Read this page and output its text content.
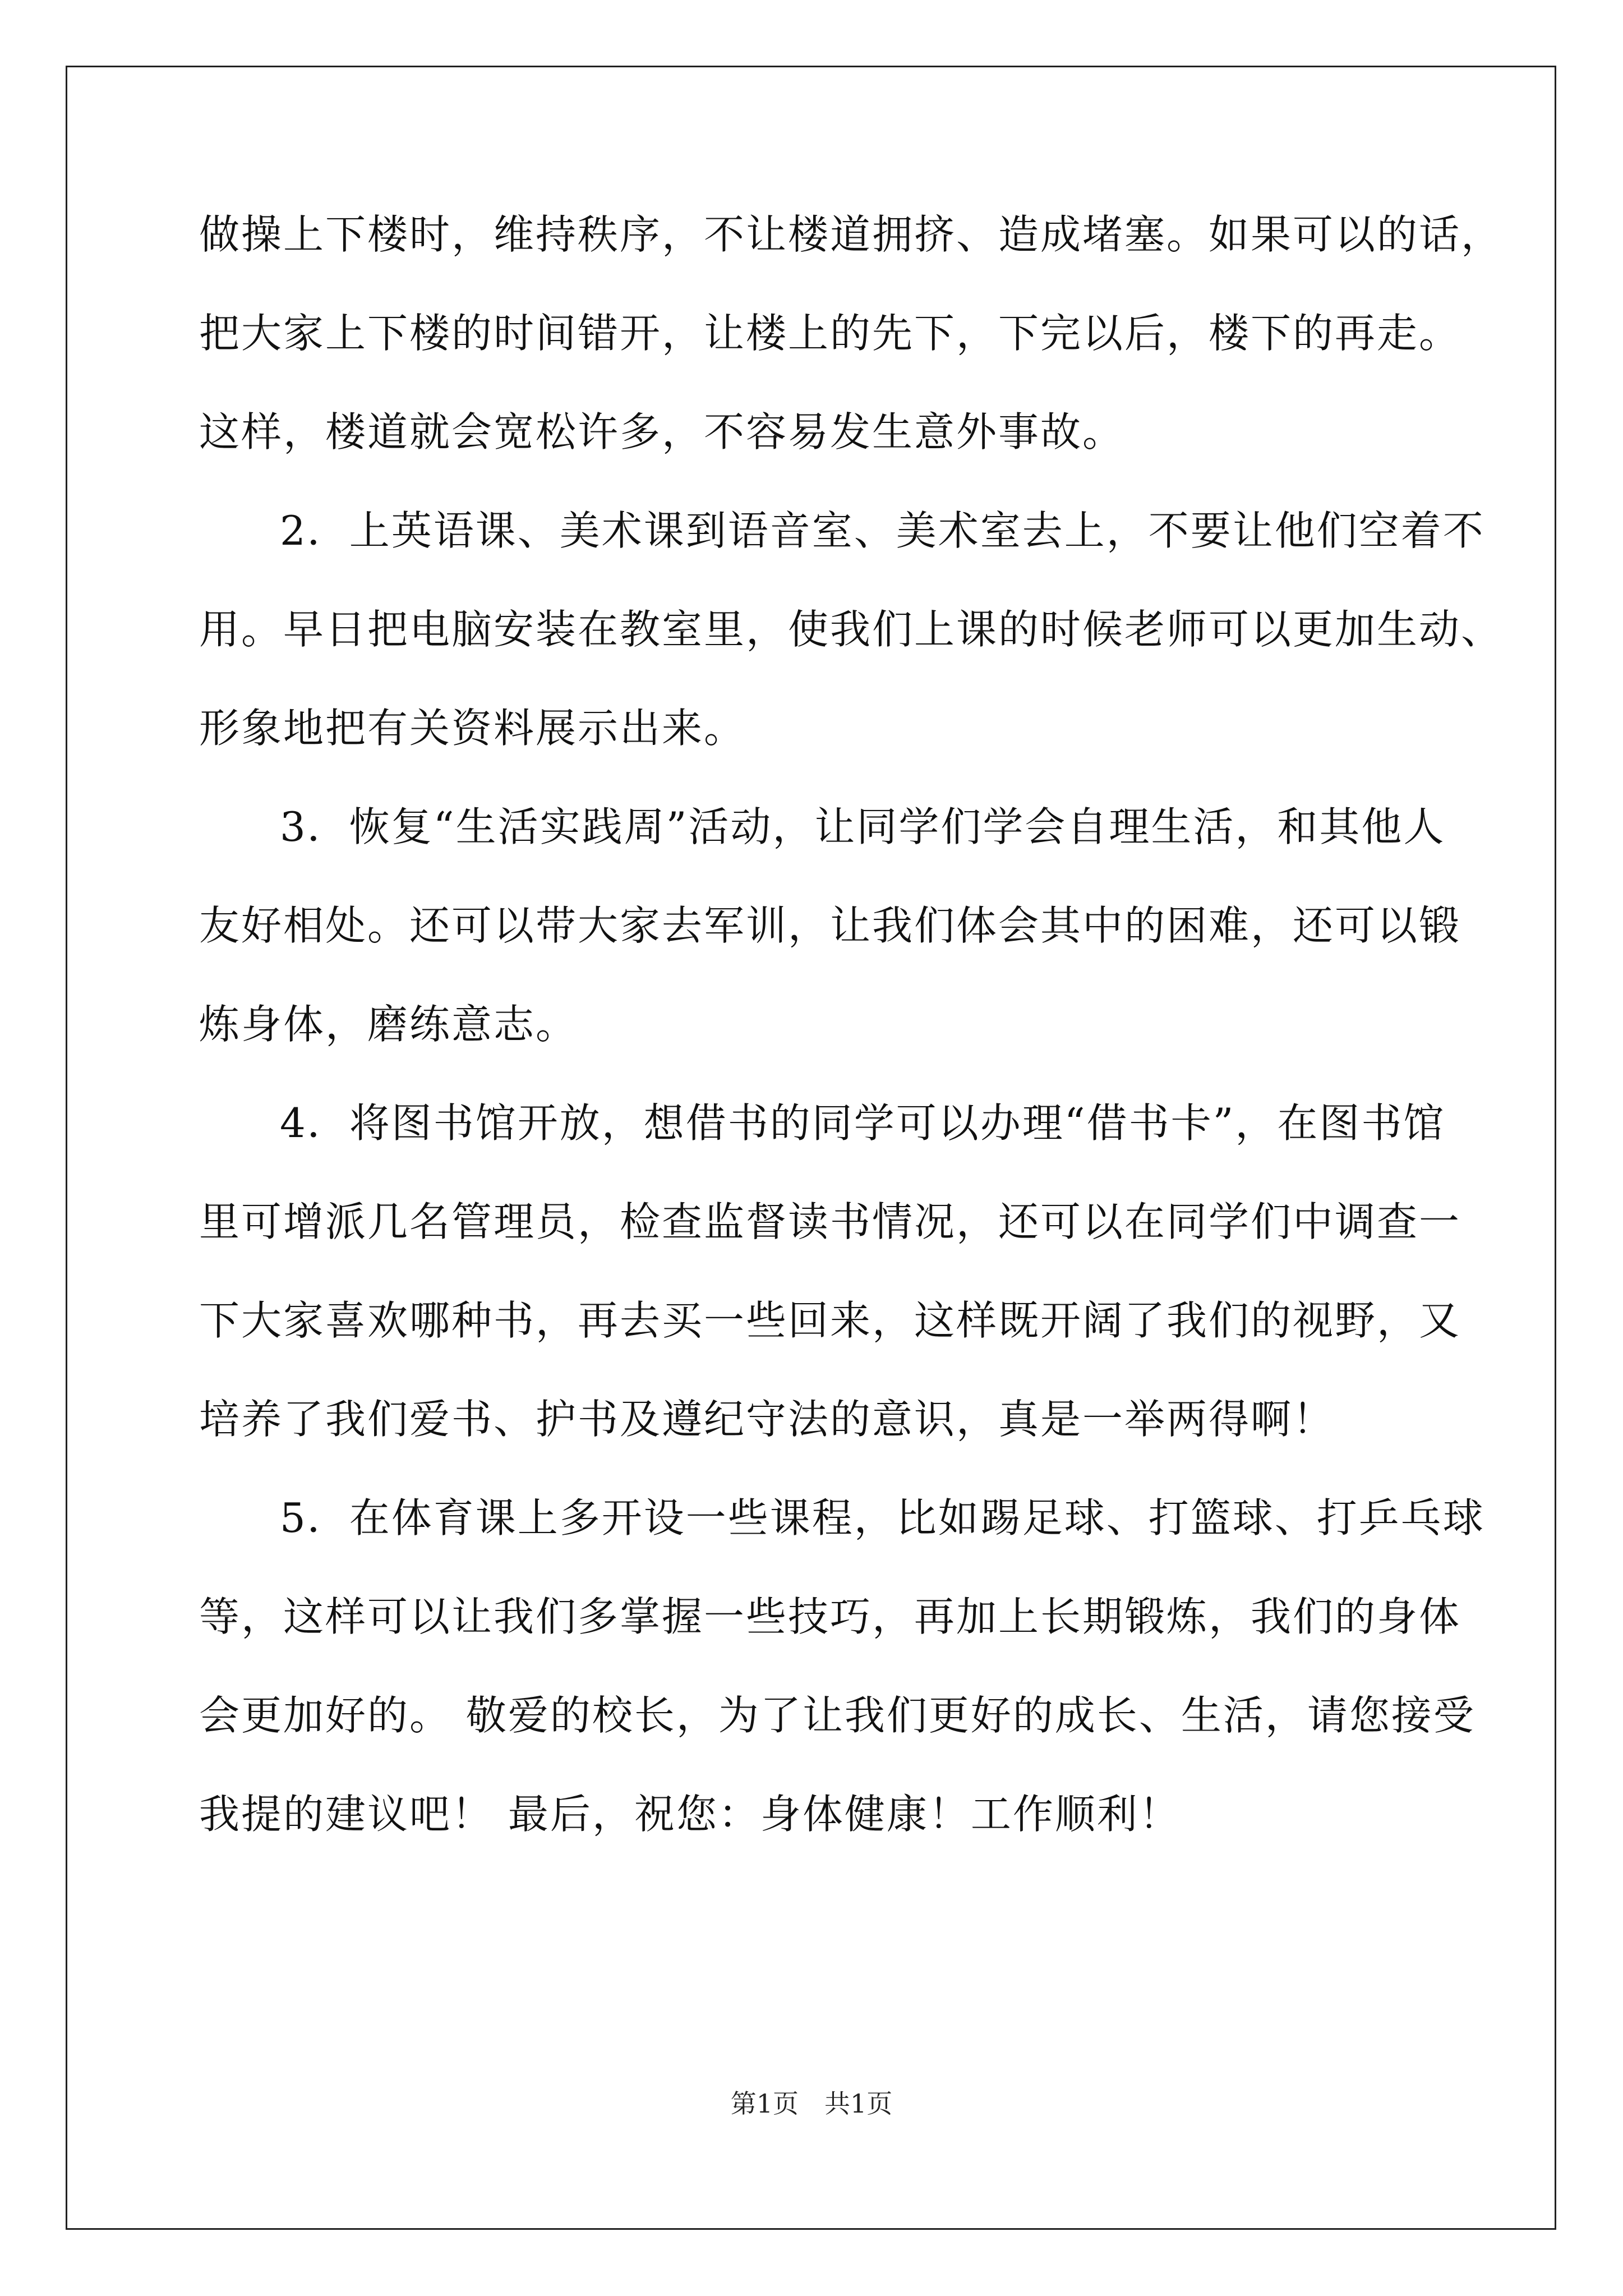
做操上下楼时，维持秩序，不让楼道拥挤、造成堵塞。如果可以的话，
把大家上下楼的时间错开，让楼上的先下，下完以后，楼下的再走。
这样，楼道就会宽松许多，不容易发生意外事故。
2．上英语课、美术课到语音室、美术室去上，不要让他们空着不
用。早日把电脑安装在教室里，使我们上课的时候老师可以更加生动、
形象地把有关资料展示出来。
3．恢复“生活实践周”活动，让同学们学会自理生活，和其他人
友好相处。还可以带大家去军训，让我们体会其中的困难，还可以锻
炼身体，磨练意志。
4．将图书馆开放，想借书的同学可以办理“借书卡”，在图书馆
里可增派几名管理员，检查监督读书情况，还可以在同学们中调查一
下大家喜欢哪种书，再去买一些回来，这样既开阔了我们的视野，又
培养了我们爱书、护书及遵纪守法的意识，真是一举两得啊！
5．在体育课上多开设一些课程，比如踢足球、打篮球、打乒乓球
等，这样可以让我们多掌握一些技巧，再加上长期锻炼，我们的身体
会更加好的。 敬爱的校长，为了让我们更好的成长、生活，请您接受
我提的建议吧！ 最后，祝您：身体健康！工作顺利！
第1页　共1页
